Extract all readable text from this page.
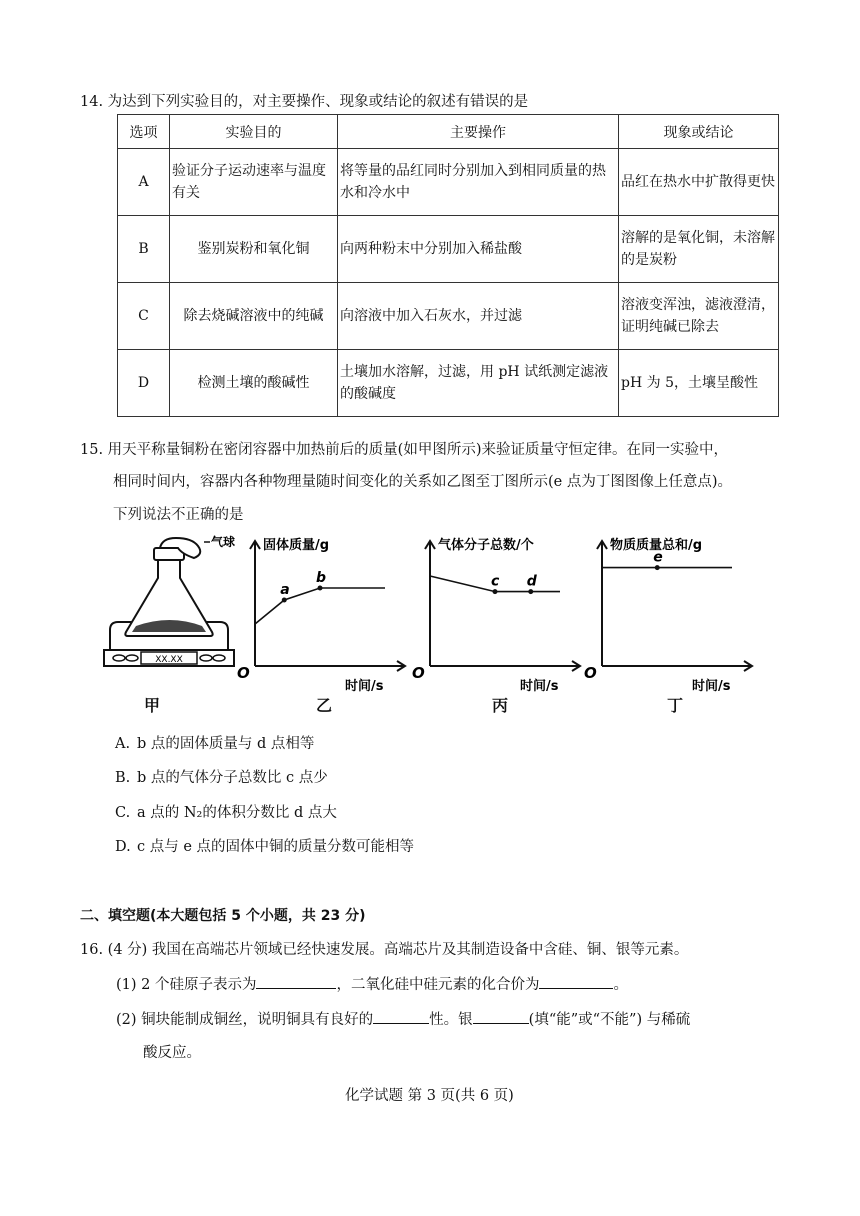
14. 为达到下列实验目的，对主要操作、现象或结论的叙述有错误的是
选项	实验目的	主要操作	现象或结论
A	验证分子运动速率与温度有关	将等量的品红同时分别加入到相同质量的热水和冷水中	品红在热水中扩散得更快
B	鉴别炭粉和氧化铜	向两种粉末中分别加入稀盐酸	溶解的是氧化铜，未溶解的是炭粉
C	除去烧碱溶液中的纯碱	向溶液中加入石灰水，并过滤	溶液变浑浊，滤液澄清，证明纯碱已除去
D	检测土壤的酸碱性	土壤加水溶解，过滤，用 pH 试纸测定滤液的酸碱度	pH 为 5，土壤呈酸性
15. 用天平称量铜粉在密闭容器中加热前后的质量(如甲图所示)来验证质量守恒定律。在同一实验中，
相同时间内，容器内各种物理量随时间变化的关系如乙图至丁图所示(e 点为丁图图像上任意点)。
下列说法不正确的是
XX.XX
气球 固体质量/g
时间/s
O
a
b
气体分子总数/个
时间/s
O
c d
物质质量总和/g
时间/s
O
e
甲	乙	丙	丁
A. b 点的固体质量与 d 点相等
B. b 点的气体分子总数比 c 点少
C. a 点的 N₂的体积分数比 d 点大
D. c 点与 e 点的固体中铜的质量分数可能相等
二、填空题(本大题包括 5 个小题，共 23 分)
16. (4 分) 我国在高端芯片领域已经快速发展。高端芯片及其制造设备中含硅、铜、银等元素。
(1) 2 个硅原子表示为	，二氧化硅中硅元素的化合价为	。
(2) 铜块能制成铜丝，说明铜具有良好的	性。银	(填“能”或“不能”) 与稀硫
酸反应。
化学试题 第 3 页(共 6 页)
